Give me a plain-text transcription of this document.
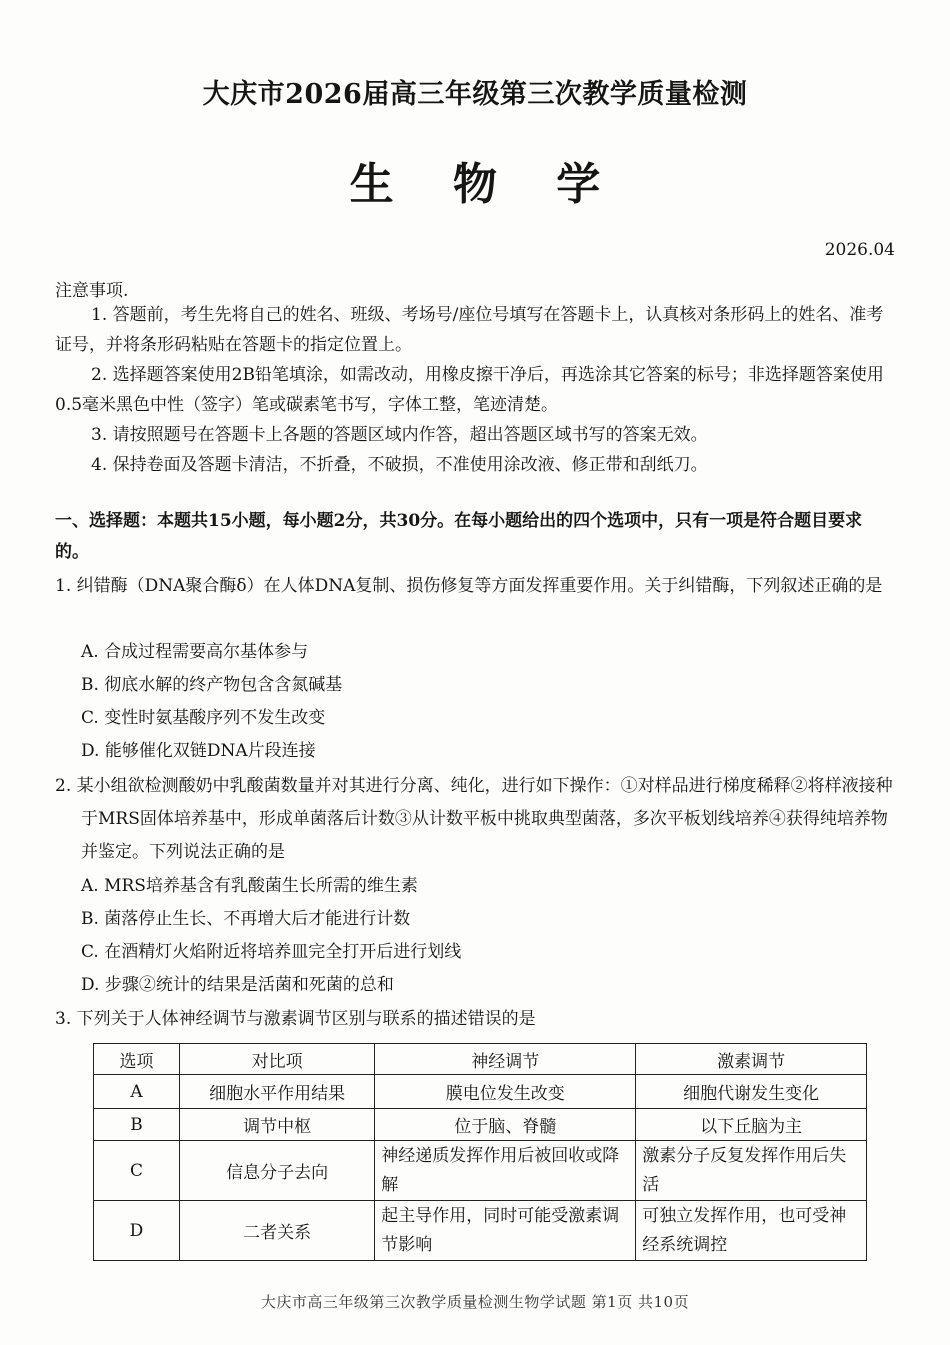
大庆市2026届高三年级第三次教学质量检测
生 物 学
2026.04
注意事项.

1. 答题前，考生先将自己的姓名、班级、考场号/座位号填写在答题卡上，认真核对条形码上的姓名、准考证号，并将条形码粘贴在答题卡的指定位置上。

2. 选择题答案使用2B铅笔填涂，如需改动，用橡皮擦干净后，再选涂其它答案的标号；非选择题答案使用0.5毫米黑色中性（签字）笔或碳素笔书写，字体工整，笔迹清楚。

3. 请按照题号在答题卡上各题的答题区域内作答，超出答题区域书写的答案无效。

4. 保持卷面及答题卡清洁，不折叠，不破损，不准使用涂改液、修正带和刮纸刀。

一、选择题：本题共15小题，每小题2分，共30分。在每小题给出的四个选项中，只有一项是符合题目要求的。

1. 纠错酶（DNA聚合酶δ）在人体DNA复制、损伤修复等方面发挥重要作用。关于纠错酶，下列叙述正确的是

A. 合成过程需要高尔基体参与
B. 彻底水解的终产物包含含氮碱基
C. 变性时氨基酸序列不发生改变
D. 能够催化双链DNA片段连接

2. 某小组欲检测酸奶中乳酸菌数量并对其进行分离、纯化，进行如下操作：①对样品进行梯度稀释②将样液接种于MRS固体培养基中，形成单菌落后计数③从计数平板中挑取典型菌落，多次平板划线培养④获得纯培养物并鉴定。下列说法正确的是

A. MRS培养基含有乳酸菌生长所需的维生素
B. 菌落停止生长、不再增大后才能进行计数
C. 在酒精灯火焰附近将培养皿完全打开后进行划线
D. 步骤②统计的结果是活菌和死菌的总和

3. 下列关于人体神经调节与激素调节区别与联系的描述错误的是

选项	对比项	神经调节	激素调节
A	细胞水平作用结果	膜电位发生改变	细胞代谢发生变化
B	调节中枢	位于脑、脊髓	以下丘脑为主
C	信息分子去向	神经递质发挥作用后被回收或降解	激素分子反复发挥作用后失活
D	二者关系	起主导作用，同时可能受激素调节影响	可独立发挥作用，也可受神经系统调控
大庆市高三年级第三次教学质量检测生物学试题 第1页 共10页
